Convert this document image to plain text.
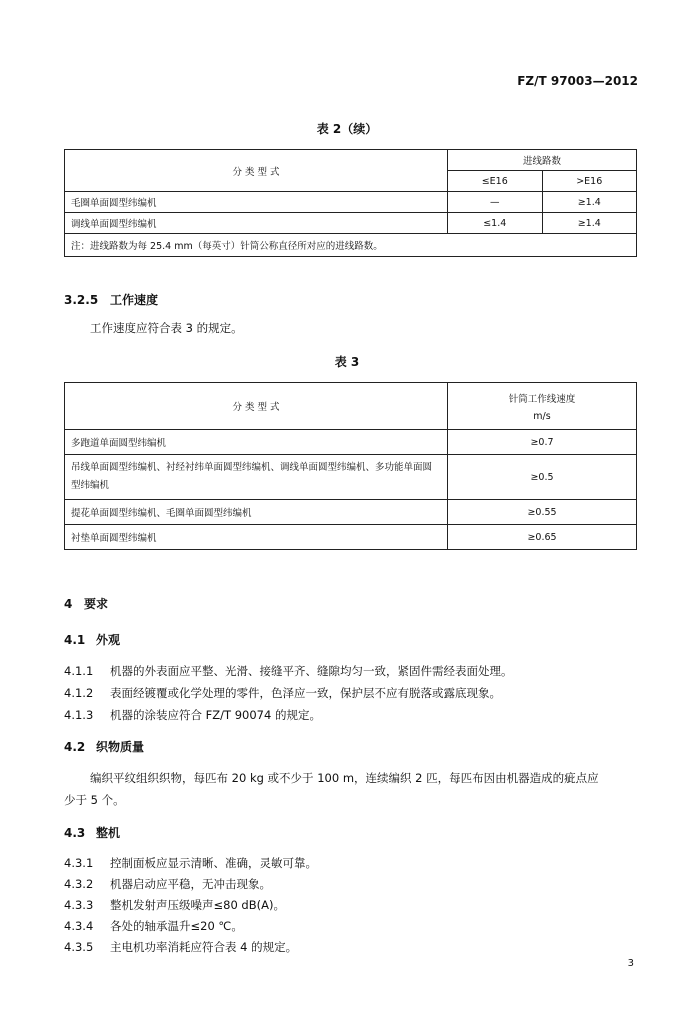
FZ/T 97003—2012
表 2（续）
分 类 型 式	进线路数	
	≤E16	>E16
毛圈单面圆型纬编机	—	≥1.4
调线单面圆型纬编机	≤1.4	≥1.4
注：进线路数为每 25.4 mm（每英寸）针筒公称直径所对应的进线路数。		
3.2.5 工作速度
工作速度应符合表 3 的规定。
表 3
分 类 型 式	针筒工作线速度
m/s

多跑道单面圆型纬编机	≥0.7
吊线单面圆型纬编机、衬经衬纬单面圆型纬编机、调线单面圆型纬编机、多功能单面圆型纬编机	≥0.5
提花单面圆型纬编机、毛圈单面圆型纬编机	≥0.55
衬垫单面圆型纬编机	≥0.65
4 要求
4.1 外观
4.1.1 机器的外表面应平整、光滑、接缝平齐、缝隙均匀一致，紧固件需经表面处理。
4.1.2 表面经镀覆或化学处理的零件，色泽应一致，保护层不应有脱落或露底现象。
4.1.3 机器的涂装应符合 FZ/T 90074 的规定。
4.2 织物质量
编织平纹组织织物，每匹布 20 kg 或不少于 100 m，连续编织 2 匹，每匹布因由机器造成的疵点应
少于 5 个。
4.3 整机
4.3.1 控制面板应显示清晰、准确，灵敏可靠。
4.3.2 机器启动应平稳，无冲击现象。
4.3.3 整机发射声压级噪声≤80 dB(A)。
4.3.4 各处的轴承温升≤20 ℃。
4.3.5 主电机功率消耗应符合表 4 的规定。
3
